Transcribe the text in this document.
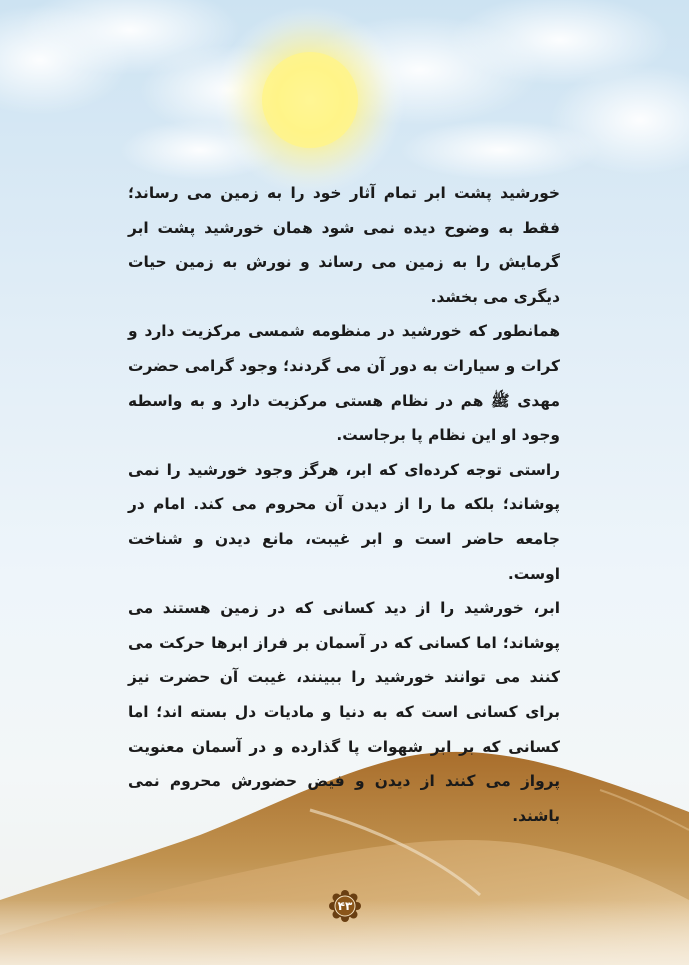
خورشید پشت ابر تمام آثار خود را به زمین می رساند؛ فقط به وضوح دیده نمی شود همان خورشید پشت ابر گرمایش را به زمین می رساند و نورش به زمین حیات دیگری می بخشد.

همانطور که خورشید در منظومه شمسی مرکزیت دارد و کرات و سیارات به دور آن می گردند؛ وجود گرامی حضرت مهدی ﷺ هم در نظام هستی مرکزیت دارد و به واسطه وجود او این نظام پا برجاست.

راستی توجه کرده‌ای که ابر، هرگز وجود خورشید را نمی پوشاند؛ بلکه ما را از دیدن آن محروم می کند. امام در جامعه حاضر است و ابر غیبت، مانع دیدن و شناخت اوست.

ابر، خورشید را از دید کسانی که در زمین هستند می پوشاند؛ اما کسانی که در آسمان بر فراز ابرها حرکت می کنند می توانند خورشید را ببینند، غیبت آن حضرت نیز برای کسانی است که به دنیا و مادیات دل بسته اند؛ اما کسانی که بر ابر شهوات پا گذارده و در آسمان معنویت پرواز می کنند از دیدن و فیض حضورش محروم نمی باشند.

۴۳
